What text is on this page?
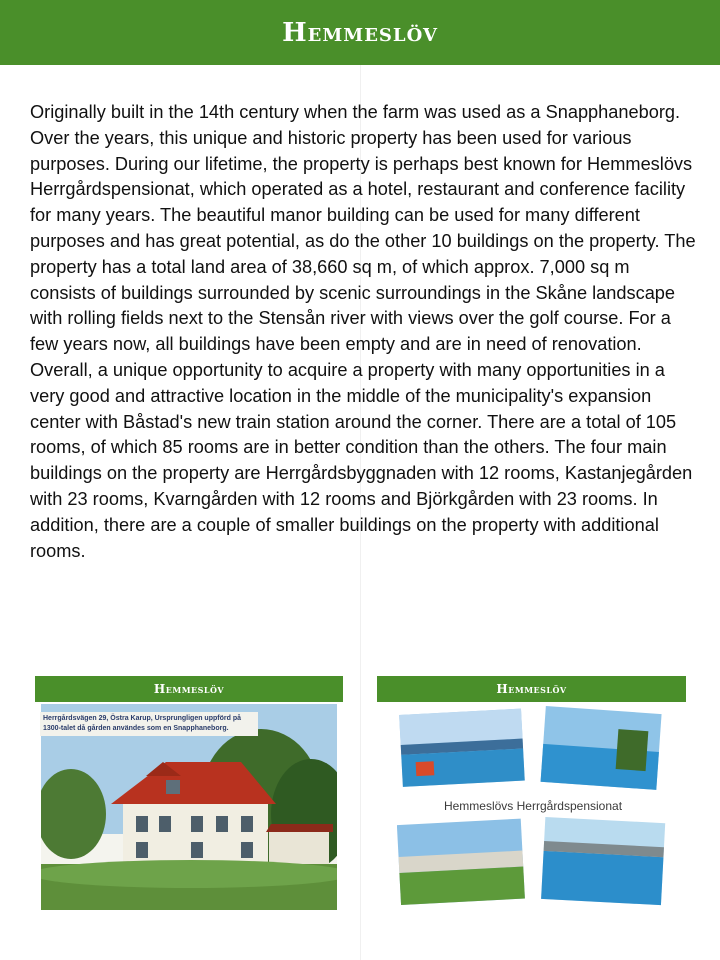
Hemmeslöv

Originally built in the 14th century when the farm was used as a Snapphaneborg. Over the years, this unique and historic property has been used for various purposes. During our lifetime, the property is perhaps best known for Hemmeslövs Herrgårdspensionat, which operated as a hotel, restaurant and conference facility for many years. The beautiful manor building can be used for many different purposes and has great potential, as do the other 10 buildings on the property. The property has a total land area of 38,660 sq m, of which approx. 7,000 sq m consists of buildings surrounded by scenic surroundings in the Skåne landscape with rolling fields next to the Stensån river with views over the golf course. For a few years now, all buildings have been empty and are in need of renovation. Overall, a unique opportunity to acquire a property with many opportunities in a very good and attractive location in the middle of the municipality's expansion center with Båstad's new train station around the corner. There are a total of 105 rooms, of which 85 rooms are in better condition than the others. The four main buildings on the property are Herrgårdsbyggnaden with 12 rooms, Kastanjegården with 23 rooms, Kvarngården with 12 rooms and Björkgården with 23 rooms. In addition, there are a couple of smaller buildings on the property with additional rooms.

Hemmeslöv
Herrgårdsvägen 29, Östra Karup, Ursprungligen uppförd på 1300-talet då gården användes som en Snapphaneborg.
Hemmeslöv
Hemmeslövs Herrgårdspensionat
